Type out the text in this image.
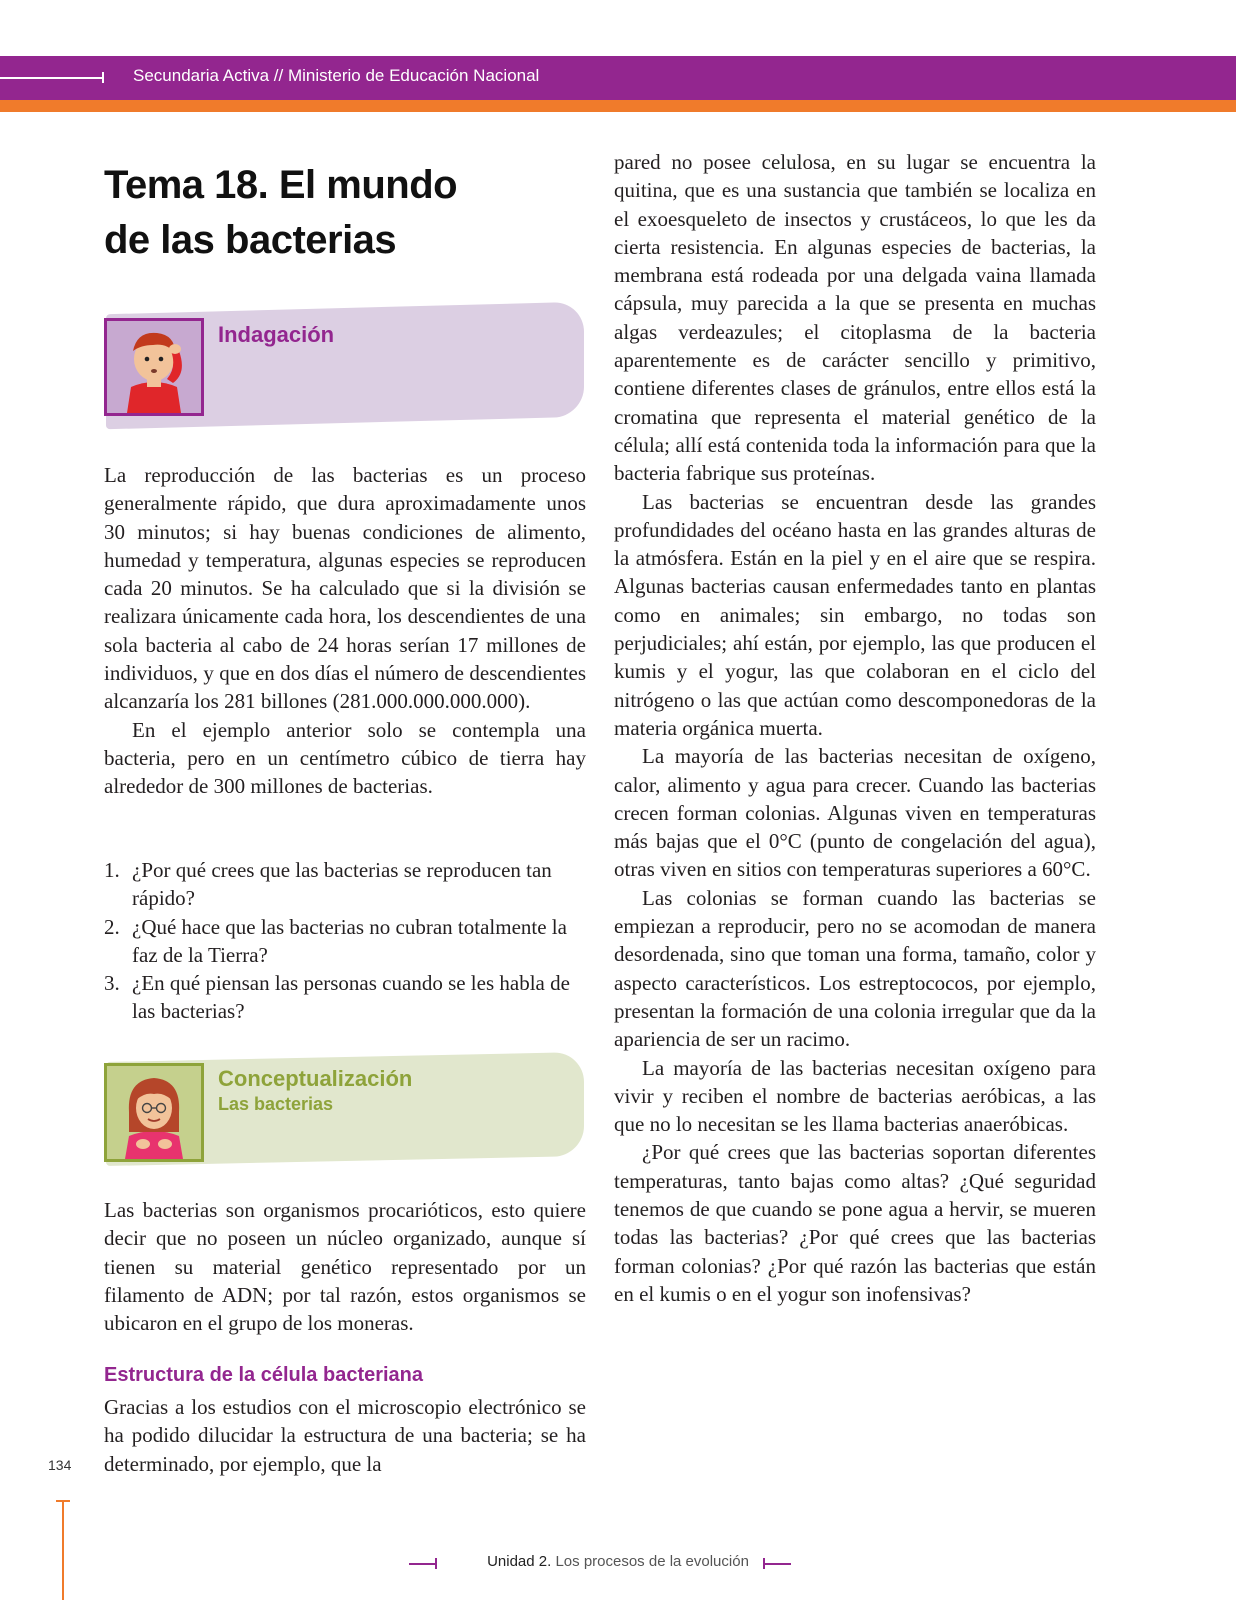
Secundaria Activa // Ministerio de Educación Nacional
Tema 18. El mundo
de las bacterias
Indagación

La reproducción de las bacterias es un proceso generalmente rápido, que dura aproximadamente unos 30 minutos; si hay buenas condiciones de alimento, humedad y temperatura, algunas especies se reproducen cada 20 minutos. Se ha calculado que si la división se realizara únicamente cada hora, los descendientes de una sola bacteria al cabo de 24 horas serían 17 millones de individuos, y que en dos días el número de descendientes alcanzaría los 281 billones (281.000.000.000.000).

En el ejemplo anterior solo se contempla una bacteria, pero en un centímetro cúbico de tierra hay alrededor de 300 millones de bacterias.

1. ¿Por qué crees que las bacterias se reproducen tan rápido?
2. ¿Qué hace que las bacterias no cubran totalmente la faz de la Tierra?
3. ¿En qué piensan las personas cuando se les habla de las bacterias?
Conceptualización
Las bacterias

Las bacterias son organismos procarióticos, esto quiere decir que no poseen un núcleo organizado, aunque sí tienen su material genético representado por un filamento de ADN; por tal razón, estos organismos se ubicaron en el grupo de los moneras.

Estructura de la célula bacteriana

Gracias a los estudios con el microscopio electrónico se ha podido dilucidar la estructura de una bacteria; se ha determinado, por ejemplo, que la

pared no posee celulosa, en su lugar se encuentra la quitina, que es una sustancia que también se localiza en el exoesqueleto de insectos y crustáceos, lo que les da cierta resistencia. En algunas especies de bacterias, la membrana está rodeada por una delgada vaina llamada cápsula, muy parecida a la que se presenta en muchas algas verdeazules; el citoplasma de la bacteria aparentemente es de carácter sencillo y primitivo, contiene diferentes clases de gránulos, entre ellos está la cromatina que representa el material genético de la célula; allí está contenida toda la información para que la bacteria fabrique sus proteínas.

Las bacterias se encuentran desde las grandes profundidades del océano hasta en las grandes alturas de la atmósfera. Están en la piel y en el aire que se respira. Algunas bacterias causan enfermedades tanto en plantas como en animales; sin embargo, no todas son perjudiciales; ahí están, por ejemplo, las que producen el kumis y el yogur, las que colaboran en el ciclo del nitrógeno o las que actúan como descomponedoras de la materia orgánica muerta.

La mayoría de las bacterias necesitan de oxígeno, calor, alimento y agua para crecer. Cuando las bacterias crecen forman colonias. Algunas viven en temperaturas más bajas que el 0°C (punto de congelación del agua), otras viven en sitios con temperaturas superiores a 60°C.

Las colonias se forman cuando las bacterias se empiezan a reproducir, pero no se acomodan de manera desordenada, sino que toman una forma, tamaño, color y aspecto característicos. Los estreptococos, por ejemplo, presentan la formación de una colonia irregular que da la apariencia de ser un racimo.

La mayoría de las bacterias necesitan oxígeno para vivir y reciben el nombre de bacterias aeróbicas, a las que no lo necesitan se les llama bacterias anaeróbicas.

¿Por qué crees que las bacterias soportan diferentes temperaturas, tanto bajas como altas? ¿Qué seguridad tenemos de que cuando se pone agua a hervir, se mueren todas las bacterias? ¿Por qué crees que las bacterias forman colonias? ¿Por qué razón las bacterias que están en el kumis o en el yogur son inofensivas?

134
Unidad 2. Los procesos de la evolución
